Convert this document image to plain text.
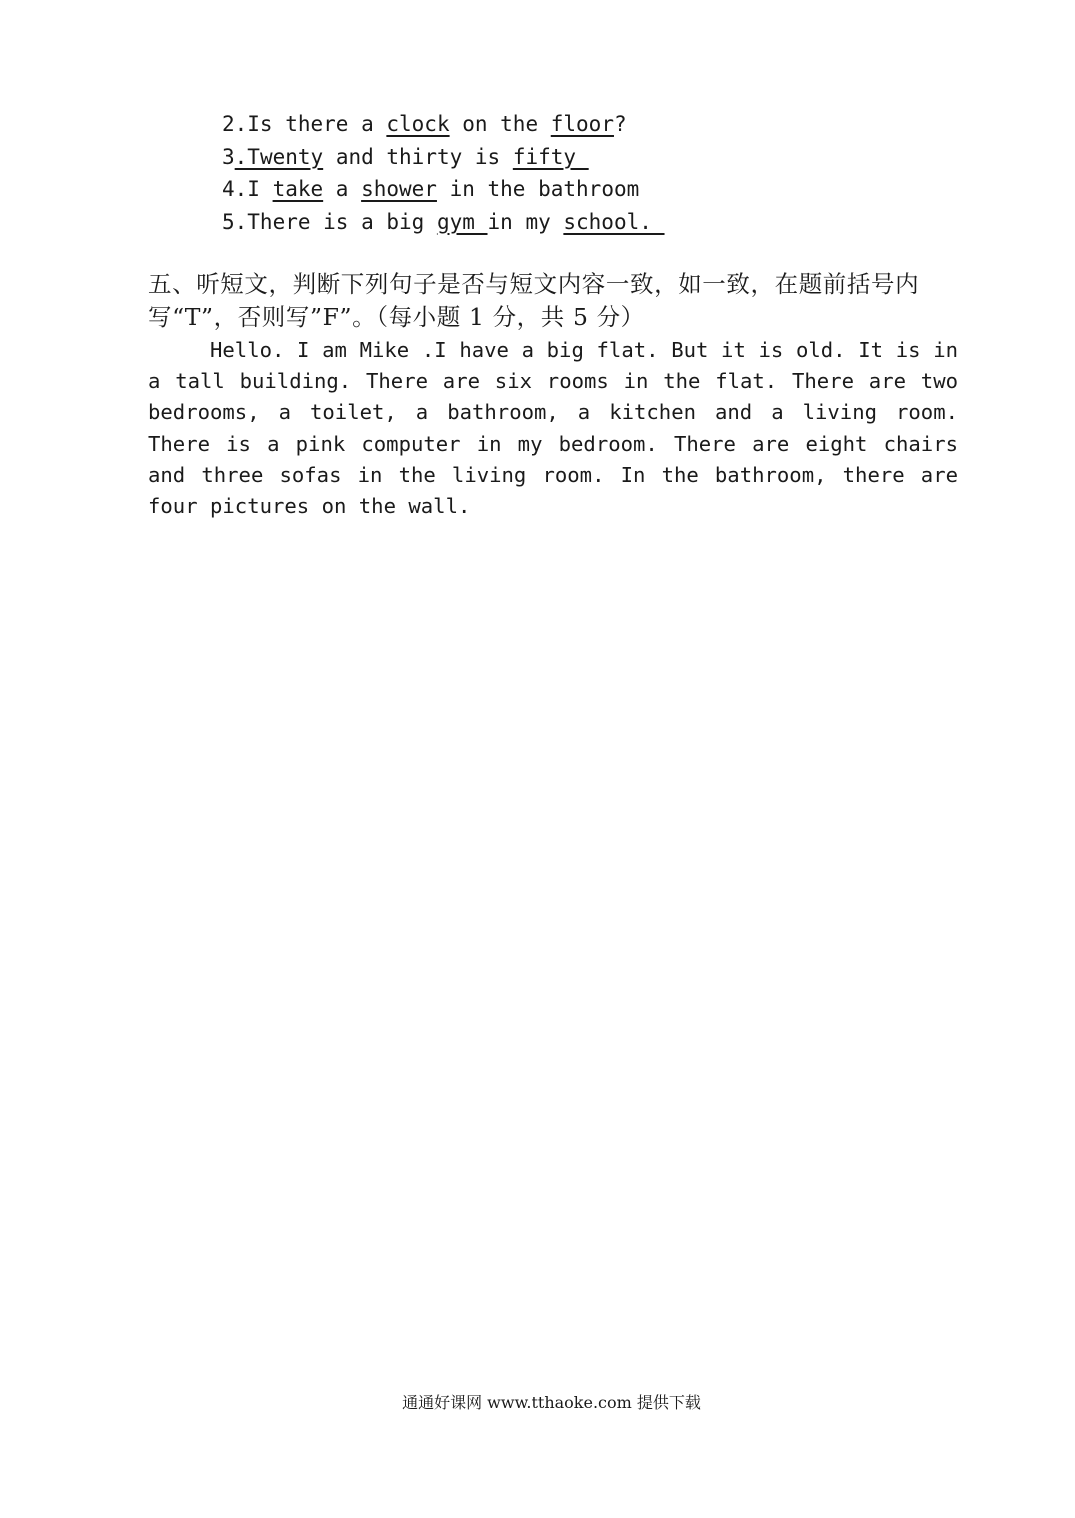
2.Is there a clock on the floor?
3.Twenty and thirty is fifty
4.I take a shower in the bathroom
5.There is a big gym in my school.
五、听短文，判断下列句子是否与短文内容一致，如一致，在题前括号内写“T”，否则写”F”。（每小题 1 分，共 5 分）

Hello. I am Mike .I have a big flat. But it is old. It is in a tall building. There are six rooms in the flat. There are two bedrooms, a toilet, a bathroom, a kitchen and a living room. There is a pink computer in my bedroom. There are eight chairs and three sofas in the living room. In the bathroom, there are four pictures on the wall.

通通好课网 www.tthaoke.com 提供下载
